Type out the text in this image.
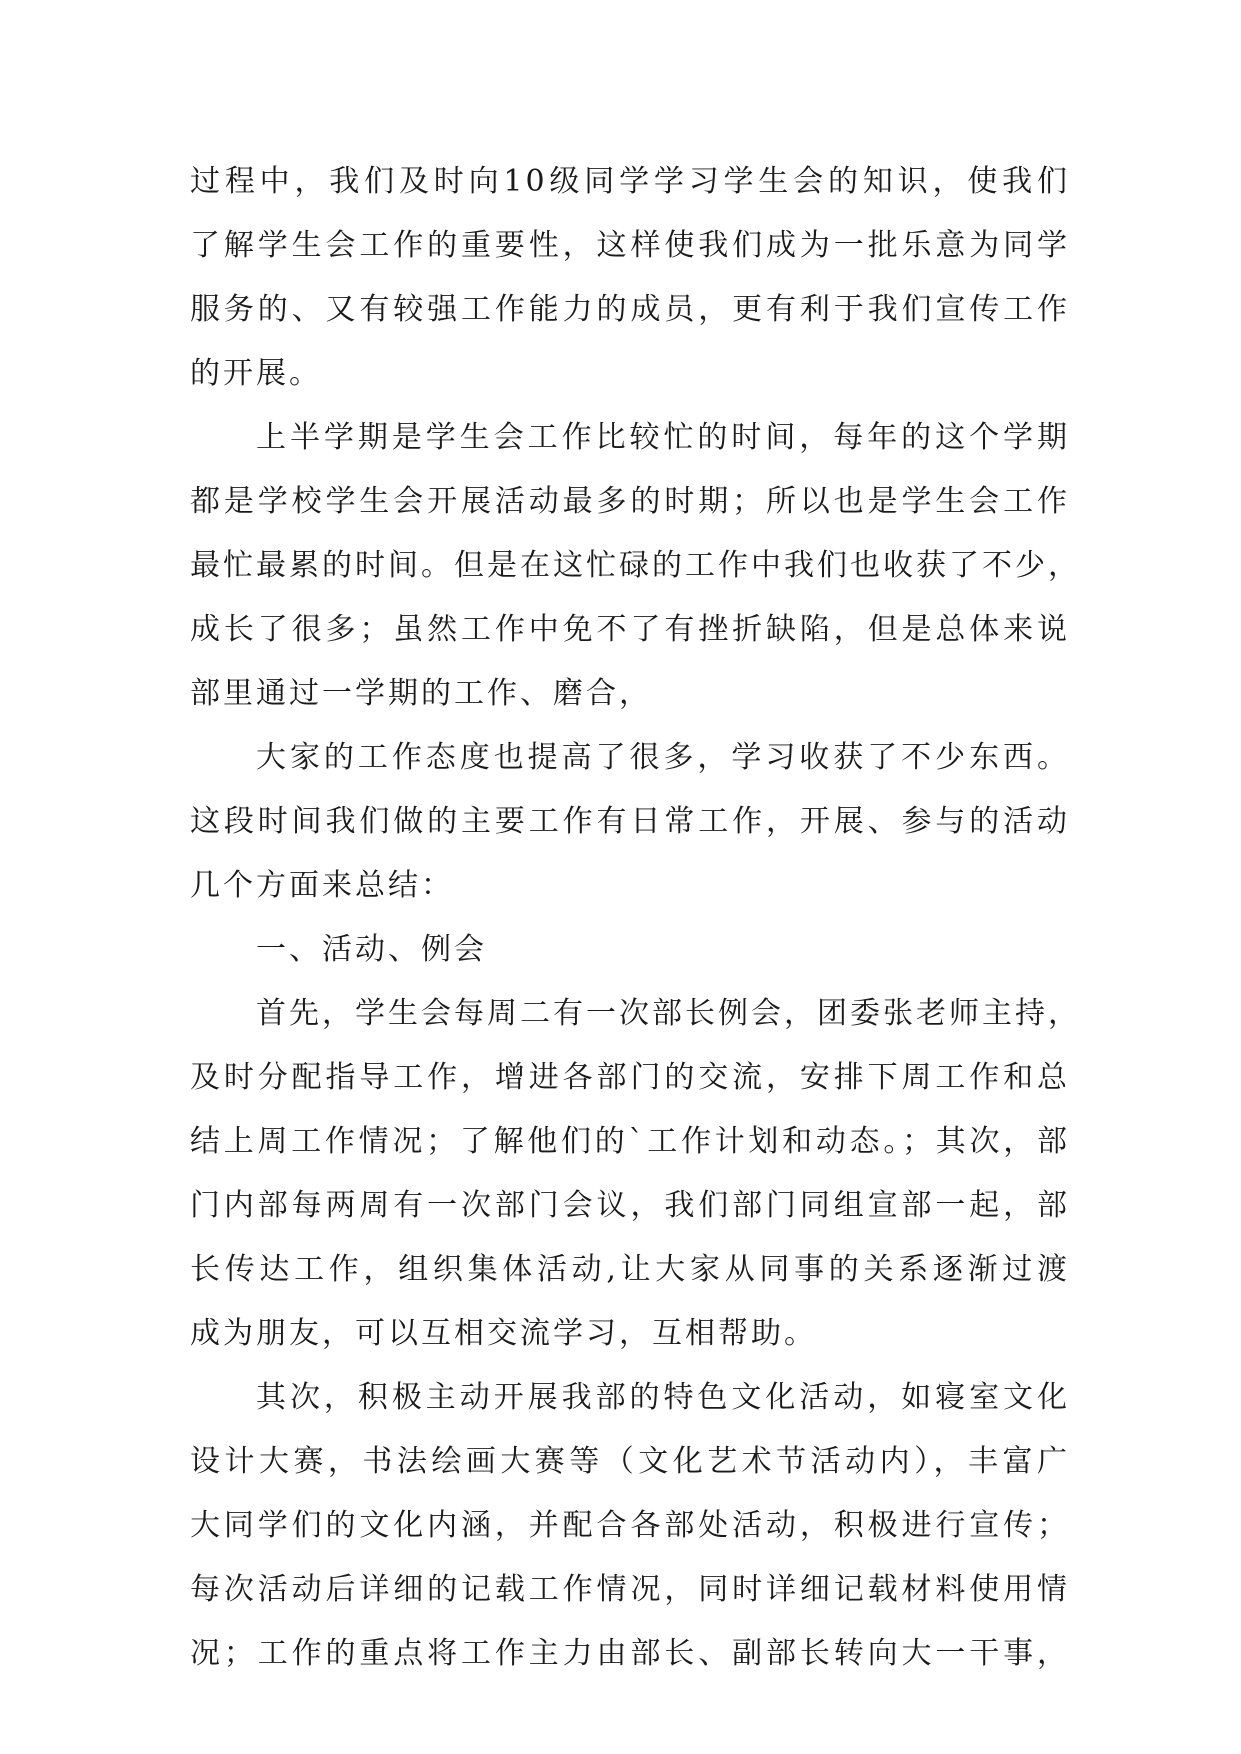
过程中，我们及时向10级同学学习学生会的知识，使我们
了解学生会工作的重要性，这样使我们成为一批乐意为同学
服务的、又有较强工作能力的成员，更有利于我们宣传工作
的开展。
上半学期是学生会工作比较忙的时间，每年的这个学期
都是学校学生会开展活动最多的时期；所以也是学生会工作
最忙最累的时间。但是在这忙碌的工作中我们也收获了不少，
成长了很多；虽然工作中免不了有挫折缺陷，但是总体来说
部里通过一学期的工作、磨合，
大家的工作态度也提高了很多，学习收获了不少东西。
这段时间我们做的主要工作有日常工作，开展、参与的活动
几个方面来总结：
一、活动、例会
首先，学生会每周二有一次部长例会，团委张老师主持，
及时分配指导工作，增进各部门的交流，安排下周工作和总
结上周工作情况；了解他们的`工作计划和动态。；其次，部
门内部每两周有一次部门会议，我们部门同组宣部一起，部
长传达工作，组织集体活动,让大家从同事的关系逐渐过渡
成为朋友，可以互相交流学习，互相帮助。
其次，积极主动开展我部的特色文化活动，如寝室文化
设计大赛，书法绘画大赛等（文化艺术节活动内），丰富广
大同学们的文化内涵，并配合各部处活动，积极进行宣传；
每次活动后详细的记载工作情况，同时详细记载材料使用情
况；工作的重点将工作主力由部长、副部长转向大一干事，
